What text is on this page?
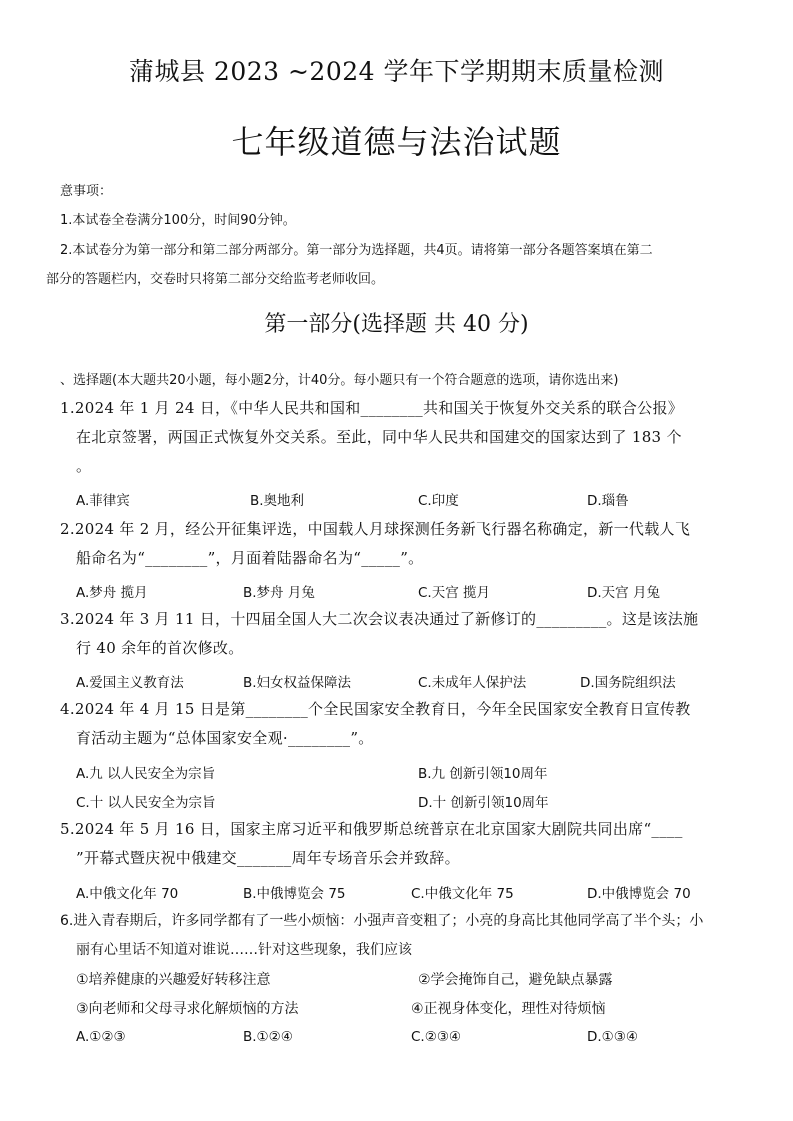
蒲城县 2023 ~2024 学年下学期期末质量检测
七年级道德与法治试题
意事项：
1.本试卷全卷满分100分，时间90分钟。
2.本试卷分为第一部分和第二部分两部分。第一部分为选择题，共4页。请将第一部分各题答案填在第二
部分的答题栏内，交卷时只将第二部分交给监考老师收回。
第一部分(选择题 共 40 分)
、选择题(本大题共20小题，每小题2分，计40分。每小题只有一个符合题意的选项，请你选出来)
1.2024 年 1 月 24 日，《中华人民共和国和________共和国关于恢复外交关系的联合公报》
在北京签署，两国正式恢复外交关系。至此，同中华人民共和国建交的国家达到了 183 个
。
A.菲律宾	B.奥地利	C.印度	D.瑙鲁
2.2024 年 2 月，经公开征集评选，中国载人月球探测任务新飞行器名称确定，新一代载人飞
船命名为“________”，月面着陆器命名为“_____”。
A.梦舟 揽月	B.梦舟 月兔	C.天宫 揽月	D.天宫 月兔
3.2024 年 3 月 11 日，十四届全国人大二次会议表决通过了新修订的_________。这是该法施
行 40 余年的首次修改。
A.爱国主义教育法	B.妇女权益保障法	C.未成年人保护法	D.国务院组织法
4.2024 年 4 月 15 日是第________个全民国家安全教育日，今年全民国家安全教育日宣传教
育活动主题为“总体国家安全观·________”。
A.九 以人民安全为宗旨	B.九 创新引领10周年
C.十 以人民安全为宗旨	D.十 创新引领10周年
5.2024 年 5 月 16 日，国家主席习近平和俄罗斯总统普京在北京国家大剧院共同出席“____
”开幕式暨庆祝中俄建交_______周年专场音乐会并致辞。
A.中俄文化年 70	B.中俄博览会 75	C.中俄文化年 75	D.中俄博览会 70
6.进入青春期后，许多同学都有了一些小烦恼：小强声音变粗了；小亮的身高比其他同学高了半个头；小
丽有心里话不知道对谁说……针对这些现象，我们应该
①培养健康的兴趣爱好转移注意	②学会掩饰自己，避免缺点暴露
③向老师和父母寻求化解烦恼的方法	④正视身体变化，理性对待烦恼
A.①②③	B.①②④	C.②③④	D.①③④
